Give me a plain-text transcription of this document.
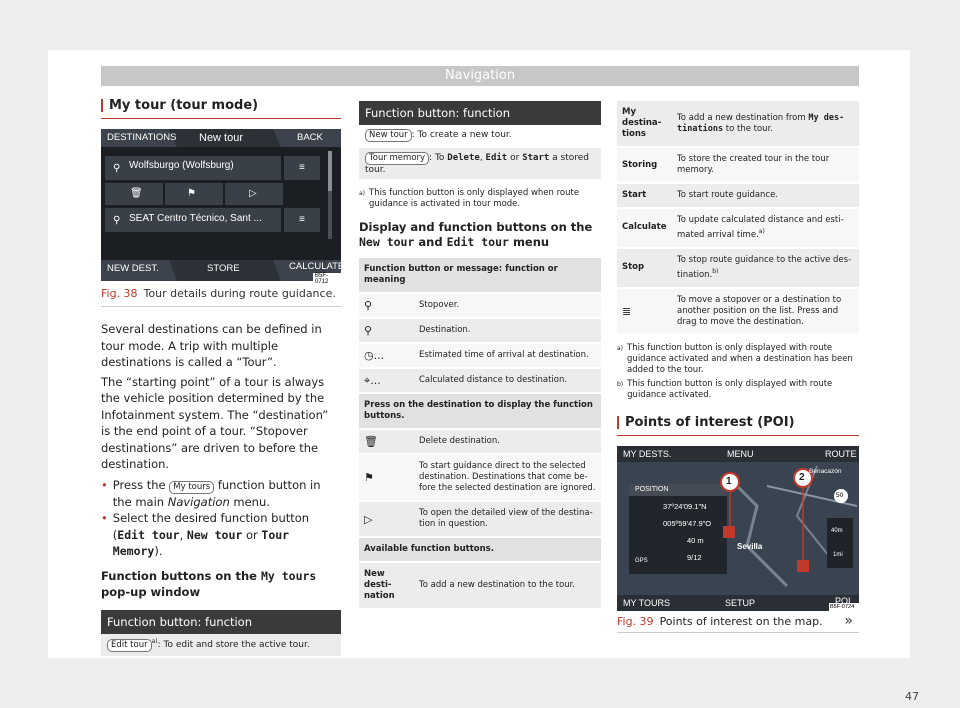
Navigation
My tour (tour mode)
DESTINATIONS New tour	BACK
⚲ Wolfsburgo (Wolfsburg)	≡
🗑	⚑	▷
⚲ SEAT Centro Técnico, Sant ...	≡
NEW DEST.	STORE	CALCULATE
B5F-0712
Fig. 38 Tour details during route guidance.

Several destinations can be defined in tour mode. A trip with multiple destinations is called a “Tour”.

The “starting point” of a tour is always the vehicle position determined by the Infotainment system. The “destination” is the end point of a tour. “Stopover destinations” are driven to before the destination.

• Press the My tours function button in the main Navigation menu.
• Select the desired function button (Edit tour, New tour or Tour Memory).
Function buttons on the My tours pop-up window
Function button: function
Edit tour $^{a)}$: To edit and store the active tour.
Function button: function
New tour : To create a new tour.
Tour memory : To Delete, Edit or Start a stored tour.
a) This function button is only displayed when route guidance is activated in tour mode.
Display and function buttons on the New tour and Edit tour menu
Function button or message: function or meaning	
⚲	Stopover.
⚲	Destination.
◷...	Estimated time of arrival at destination.
⌖...	Calculated distance to destination.
Press on the destination to display the function buttons.	
🗑	Delete destination.
⚑	To start guidance direct to the selected destination. Destinations that come before the selected destination are ignored.
▷	To open the detailed view of the destination in question.
Available function buttons.	
New destination	To add a new destination to the tour.
My destinations	To add a new destination from My destinations to the tour.
Storing	To store the created tour in the tour memory.
Start	To start route guidance.
Calculate	To update calculated distance and estimated arrival time.$^{a)}$
Stop	To stop route guidance to the active destination.$^{b)}$
≣	To move a stopover or a destination to another position on the list. Press and drag to move the destination.
a) This function button is only displayed with route guidance activated and when a destination has been added to the tour.
b) This function button is only displayed with route guidance activated.
Points of interest (POI)
MY DESTS.	MENU	ROUTE
1	2
POSITION
37º24'09.1"N
005º59'47.9"O
40 m
9/12
GPS
Sevilla
Benacazón
50
40m
1mi
MY TOURS	SETUP	POI
B5F-0724
Fig. 39 Points of interest on the map. »
47
